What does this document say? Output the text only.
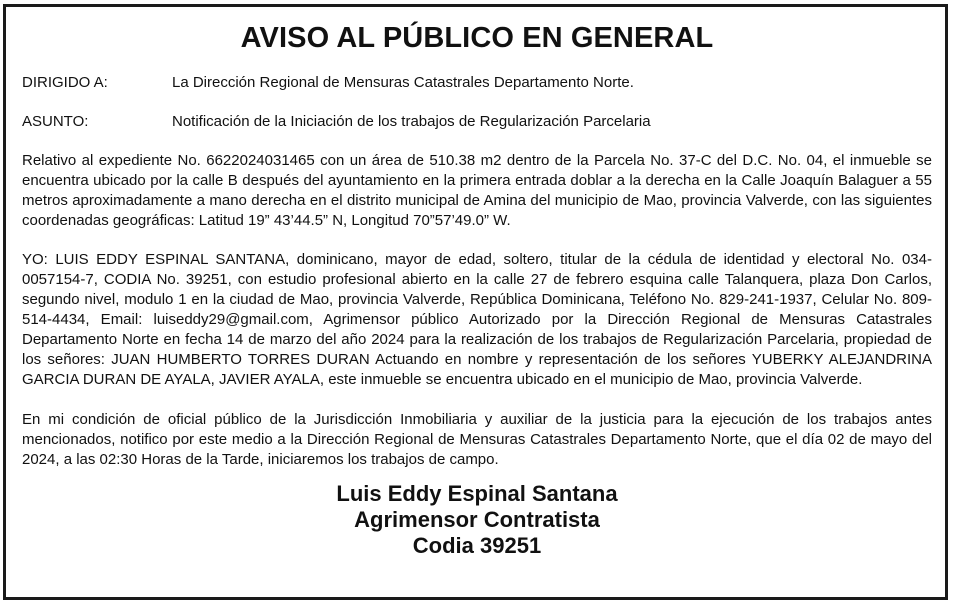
AVISO AL PÚBLICO EN GENERAL
DIRIGIDO A:	La Dirección Regional de Mensuras Catastrales Departamento Norte.
ASUNTO:	Notificación de la Iniciación de los trabajos de Regularización Parcelaria

Relativo al expediente No. 6622024031465 con un área de 510.38 m2 dentro de la Parcela No. 37-C del D.C. No. 04, el inmueble se encuentra ubicado por la calle B después del ayuntamiento en la primera entrada doblar a la derecha en la Calle Joaquín Balaguer a 55 metros aproximadamente a mano derecha en el distrito municipal de Amina del municipio de Mao, provincia Valverde, con las siguientes coordenadas geográficas: Latitud 19” 43’44.5” N, Longitud 70”57’49.0” W.

YO: LUIS EDDY ESPINAL SANTANA, dominicano, mayor de edad, soltero, titular de la cédula de identidad y electoral No. 034-0057154-7, CODIA No. 39251, con estudio profesional abierto en la calle 27 de febrero esquina calle Talanquera, plaza Don Carlos, segundo nivel, modulo 1 en la ciudad de Mao, provincia Valverde, República Dominicana, Teléfono No. 829-241-1937, Celular No. 809-514-4434, Email: luiseddy29@gmail.com, Agrimensor público Autorizado por la Dirección Regional de Mensuras Catastrales Departamento Norte en fecha 14 de marzo del año 2024 para la realización de los trabajos de Regularización Parcelaria, propiedad de los señores: JUAN HUMBERTO TORRES DURAN Actuando en nombre y representación de los señores YUBERKY ALEJANDRINA GARCIA DURAN DE AYALA, JAVIER AYALA, este inmueble se encuentra ubicado en el municipio de Mao, provincia Valverde.

En mi condición de oficial público de la Jurisdicción Inmobiliaria y auxiliar de la justicia para la ejecución de los trabajos antes mencionados, notifico por este medio a la Dirección Regional de Mensuras Catastrales Departamento Norte, que el día 02 de mayo del 2024, a las 02:30 Horas de la Tarde, iniciaremos los trabajos de campo.

Luis Eddy Espinal Santana
Agrimensor Contratista
Codia 39251
